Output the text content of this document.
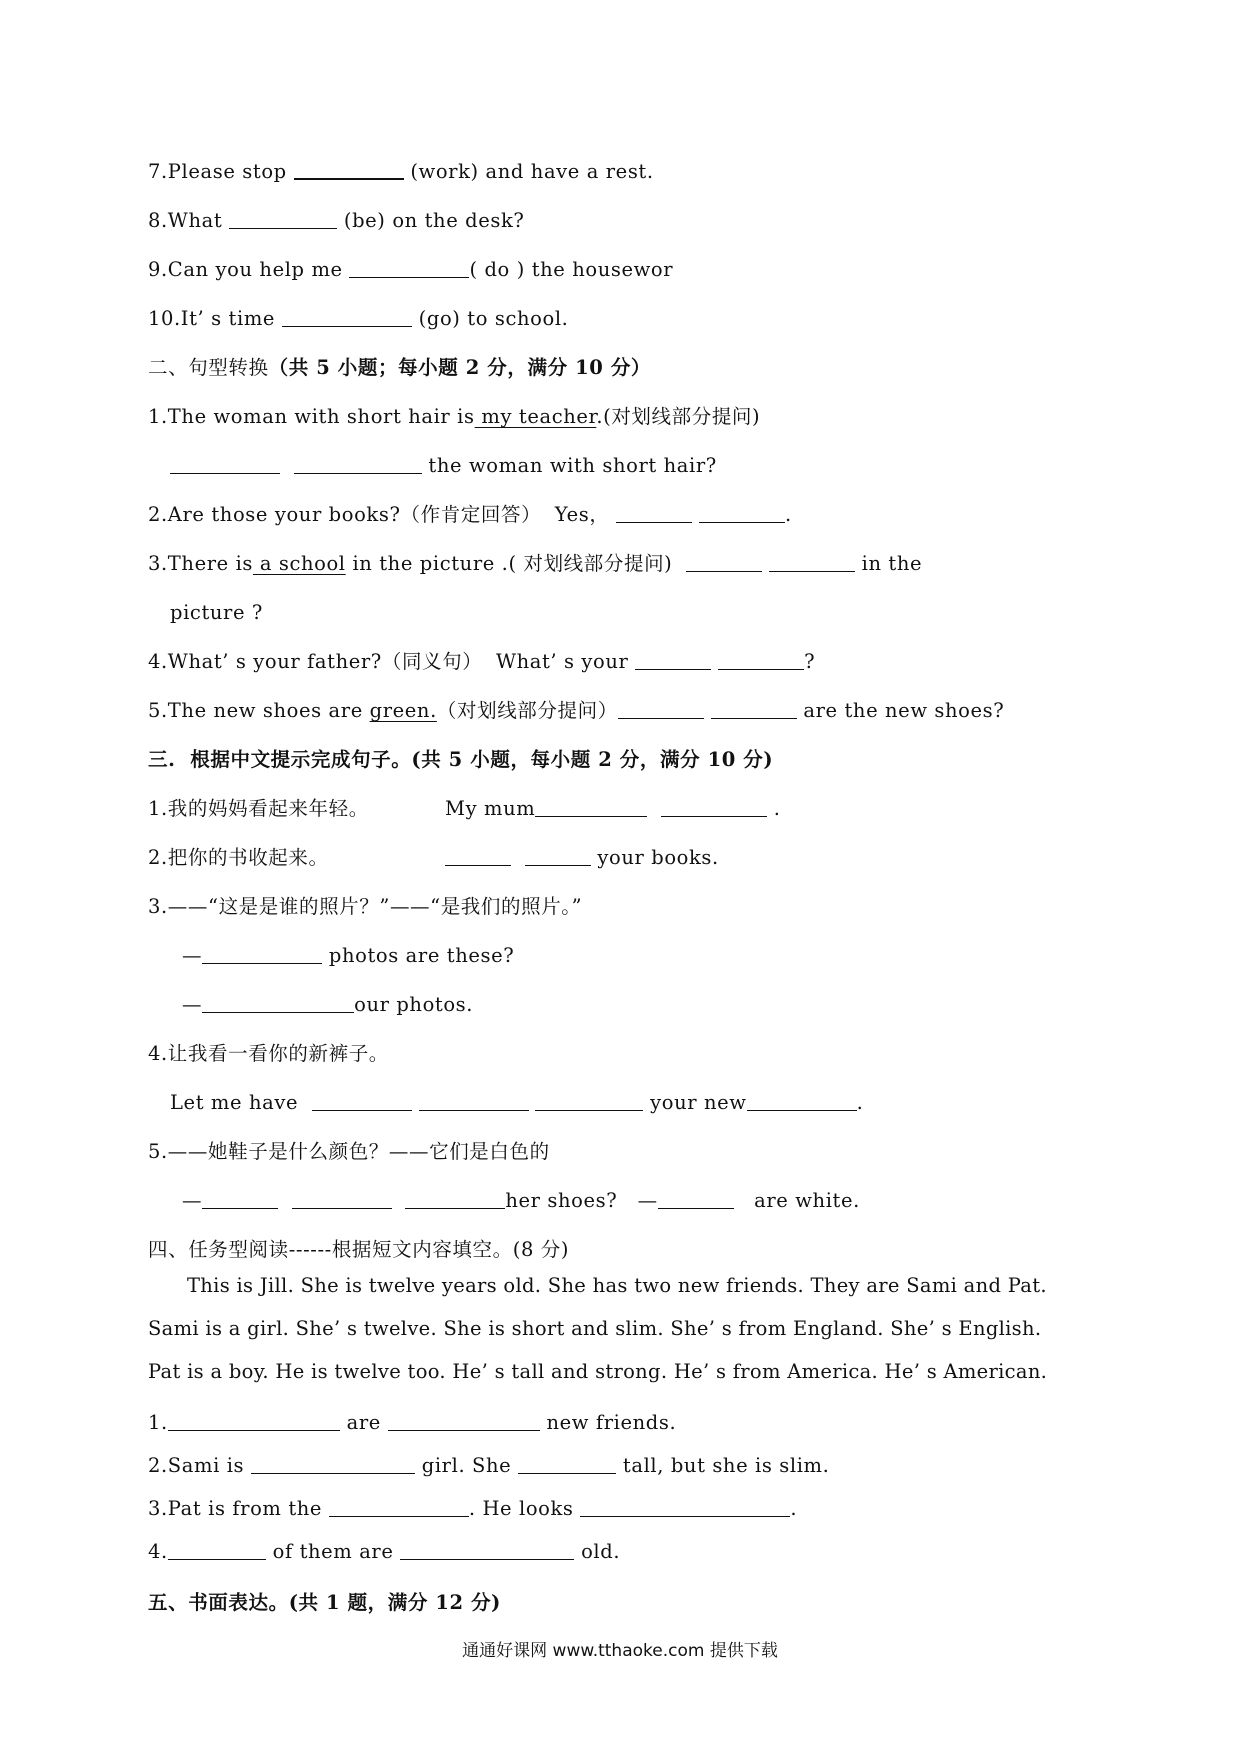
7.Please stop	(work) and have a rest.
8.What	(be) on the desk?
9.Can you help me	( do ) the housewor
10.It’ s time	(go) to school.
二、句型转换（共 5 小题；每小题 2 分，满分 10 分）
1.The woman with short hair is my teacher.(对划线部分提问)
the woman with short hair?
2.Are those your books?（作肯定回答）  Yes，	.
3.There is a school in the picture .( 对划线部分提问)	in the
picture ?
4.What’ s your father?（同义句）  What’ s your	?
5.The new shoes are green.（对划线部分提问）	are the new shoes?
三.  根据中文提示完成句子。(共 5 小题，每小题 2 分，满分 10 分)
1.我的妈妈看起来年轻。	My mum	.
2.把你的书收起来。	your books.
3.——“这是是谁的照片？”——“是我们的照片。”
—	photos are these?
—	our photos.
4.让我看一看你的新裤子。
Let me have	your new	.
5.——她鞋子是什么颜色？——它们是白色的
—	her shoes?   —	are white.
四、任务型阅读------根据短文内容填空。(8 分)
This is Jill. She is twelve years old. She has two new friends. They are Sami and Pat.
Sami is a girl. She’ s twelve. She is short and slim. She’ s from England. She’ s English.
Pat is a boy. He is twelve too. He’ s tall and strong. He’ s from America. He’ s American.
1.	are	new friends.
2.Sami is	girl. She	tall, but she is slim.
3.Pat is from the	. He looks	.
4.	of them are	old.
五、书面表达。(共 1 题，满分 12 分)
通通好课网 www.tthaoke.com 提供下载
